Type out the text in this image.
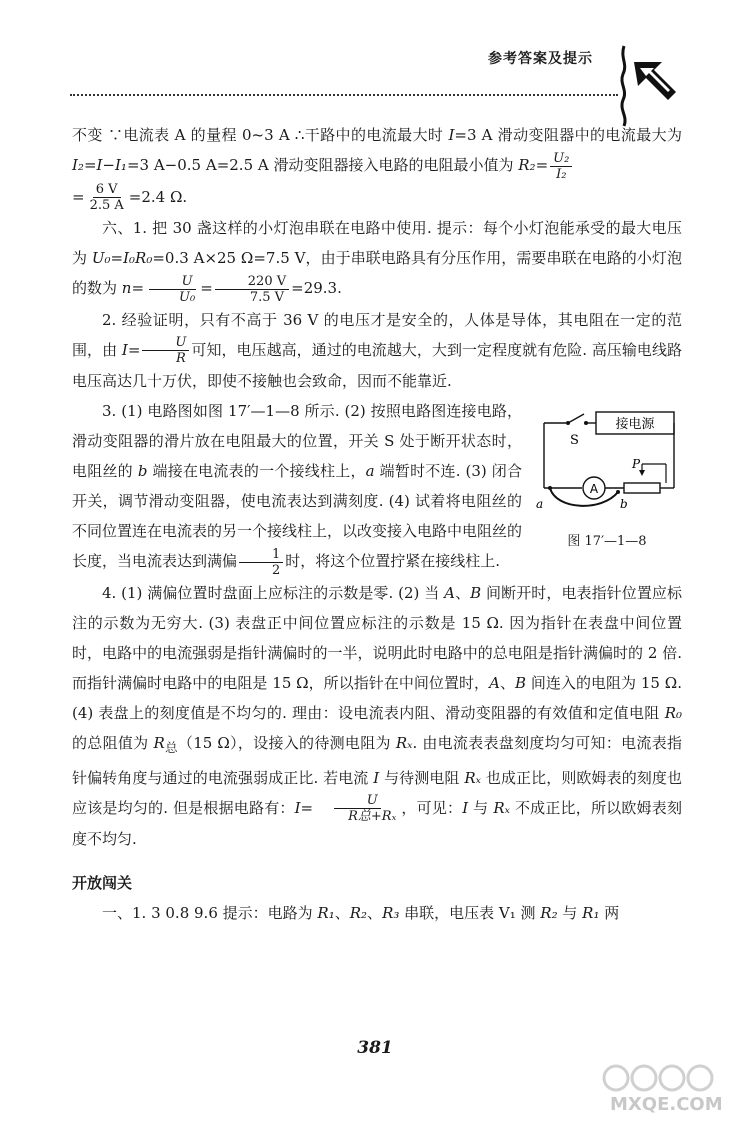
参考答案及提示

不变 ∵电流表 A 的量程 0~3 A ∴干路中的电流最大时 I=3 A 滑动变阻器中的电流最大为 I₂=I−I₁=3 A−0.5 A=2.5 A 滑动变阻器接入电路的电阻最小值为 $R_2= \frac{\text{U₂}}{\text{I₂}}$

= $\frac{6 V}{2.5 A} =2.4$ Ω.

六、1. 把 30 盏这样的小灯泡串联在电路中使用. 提示：每个小灯泡能承受的最大电压为 U₀=I₀R₀=0.3 A×25 Ω=7.5 V，由于串联电路具有分压作用，需要串联在电路的小灯泡的数为 $n= \frac{U}{\text{U₀}} = \frac{220 V}{7.5 V} =29.3$.

2. 经验证明，只有不高于 36 V 的电压才是安全的，人体是导体，其电阻在一定的范围，由 $I= \frac{U}{R}$ 可知，电压越高，通过的电流越大，大到一定程度就有危险. 高压输电线路电压高达几十万伏，即使不接触也会致命，因而不能靠近.

接电源
S
P
A
a	b
图 17′—1—8

3. (1) 电路图如图 17′—1—8 所示. (2) 按照电路图连接电路，滑动变阻器的滑片放在电阻最大的位置，开关 S 处于断开状态时，电阻丝的 b 端接在电流表的一个接线柱上，a 端暂时不连. (3) 闭合开关，调节滑动变阻器，使电流表达到满刻度. (4) 试着将电阻丝的不同位置连在电流表的另一个接线柱上，以改变接入电路中电阻丝的长度，当电流表达到满偏 $\frac{1}{2}$ 时，将这个位置拧紧在接线柱上.

4. (1) 满偏位置时盘面上应标注的示数是零. (2) 当 A、B 间断开时，电表指针位置应标注的示数为无穷大. (3) 表盘正中间位置应标注的示数是 15 Ω. 因为指针在表盘中间位置时，电路中的电流强弱是指针满偏时的一半，说明此时电路中的总电阻是指针满偏时的 2 倍. 而指针满偏时电路中的电阻是 15 Ω，所以指针在中间位置时，A、B 间连入的电阻为 15 Ω. (4) 表盘上的刻度值是不均匀的. 理由：设电流表内阻、滑动变阻器的有效值和定值电阻 R₀ 的总阻值为 $R_总(15$ Ω），设接入的待测电阻为 Rₓ. 由电流表表盘刻度均匀可知：电流表指针偏转角度与通过的电流强弱成正比. 若电流 I 与待测电阻 Rₓ 也成正比，则欧姆表的刻度也应该是均匀的. 但是根据电路有：$I= \frac{U}{\text{R总+Rₓ}}$ ，可见：I 与 Rₓ 不成正比，所以欧姆表刻度不均匀.

开放闯关

一、1. 3 0.8 9.6 提示：电路为 R₁、R₂、R₃ 串联，电压表 V₁ 测 R₂ 与 R₁ 两

381
MXQE.COM
